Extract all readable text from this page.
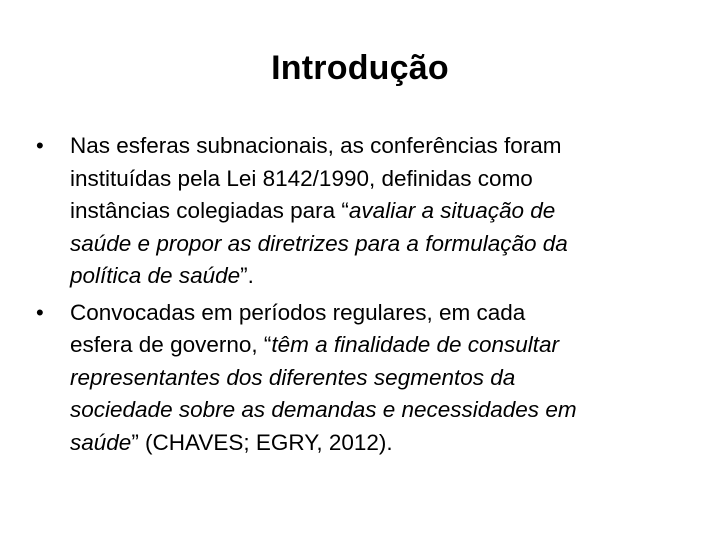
Introdução
•	Nas esferas subnacionais, as conferências foram
instituídas pela Lei 8142/1990, definidas como
instâncias colegiadas para “avaliar a situação de
saúde e propor as diretrizes para a formulação da
política de saúde”.
•	Convocadas em períodos regulares, em cada
esfera de governo, “têm a finalidade de consultar
representantes dos diferentes segmentos da
sociedade sobre as demandas e necessidades em
saúde” (CHAVES; EGRY, 2012).
